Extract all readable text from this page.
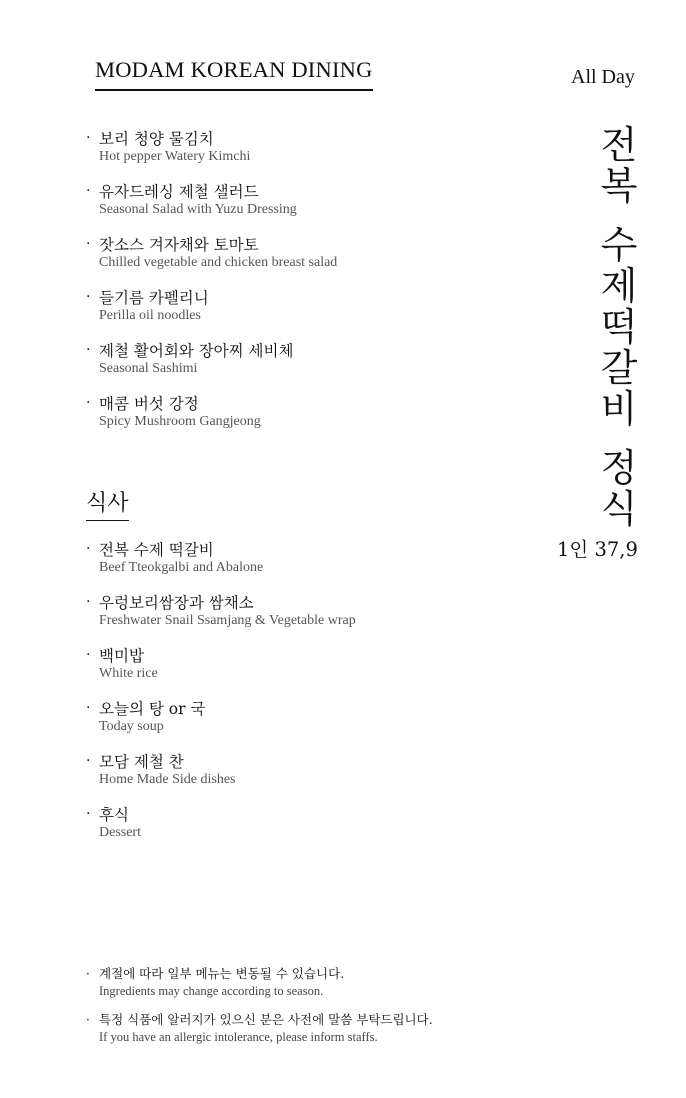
MODAM KOREAN DINING	All Day
· 보리 청양 물김치
Hot pepper Watery Kimchi
· 유자드레싱 제철 샐러드
Seasonal Salad with Yuzu Dressing
· 잣소스 겨자채와 토마토
Chilled vegetable and chicken breast salad
· 들기름 카펠리니
Perilla oil noodles
· 제철 활어회와 장아찌 세비체
Seasonal Sashimi
· 매콤 버섯 강정
Spicy Mushroom Gangjeong
식사
· 전복 수제 떡갈비
Beef Tteokgalbi and Abalone
· 우렁보리쌈장과 쌈채소
Freshwater Snail Ssamjang & Vegetable wrap
· 백미밥
White rice
· 오늘의 탕 or 국
Today soup
· 모담 제철 찬
Home Made Side dishes
· 후식
Dessert
전
복
수
제
떡
갈
비
정
식
1인 37,9
· 계절에 따라 일부 메뉴는 변동될 수 있습니다.
Ingredients may change according to season.
· 특정 식품에 알러지가 있으신 분은 사전에 말씀 부탁드립니다.
If you have an allergic intolerance, please inform staffs.
